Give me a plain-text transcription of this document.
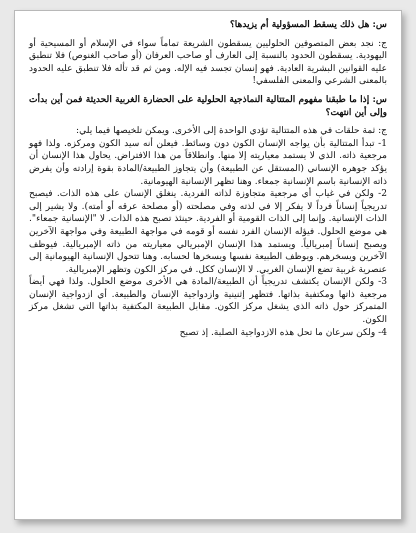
س: هل ذلك يسقط المسؤولية أم يزيدها؟

ج: نجد بعض المتصوفين الحلوليين يسقطون الشريعة تماماً سواء في الإسلام أو المسيحية أو اليهودية. يسقطون الحدود بالنسبة إلى العارف أو صاحب العرفان (أو صاحب الغنوص) فلا تنطبق عليه القوانين البشرية العادية. فهو إنسان تجسد فيه الإله. ومن ثم قد تأله فلا تنطبق عليه الحدود بالمعنى الشرعي والمعنى الفلسفي!

س: إذا ما طبقنا مفهوم المتتالية النماذجية الحلولية على الحضارة الغربية الحديثة فمن أين بدأت وإلى أين انتهت؟

ج: ثمة حلقات في هذه المتتالية تؤدي الواحدة إلى الأخرى. ويمكن تلخيصها فيما يلي:

1- تبدأ المتتالية بأن يواجه الإنسان الكون دون وسائط. فيعلن أنه سيد الكون ومركزه. ولذا فهو مرجعية ذاته. الذي لا يستمد معياريته إلا منها. وانطلاقاً من هذا الافتراض. يحاول هذا الإنسان أن يؤكد جوهره الإنساني (المستقل عن الطبيعة) وأن يتجاوز الطبيعة/المادة بقوة إرادته وأن يفرض ذاته الإنسانية باسم الإنسانية جمعاء. وهنا تظهر الإنسانية الهيومانية.

2- ولكن في غياب أي مرجعية متجاوزة لذاته الفردية. ينغلق الإنسان على هذه الذات. فيصبح تدريجياً إنساناً فرداً لا يفكر إلا في لذته وفي مصلحته (أو مصلحة عرقه أو أمته). ولا يشير إلى الذات الإنسانية. وإنما إلى الذات القومية أو الفردية. حينئذ تصبح هذه الذات. لا "الإنسانية جمعاء". هي موضع الحلول. فيؤله الإنسان الفرد نفسه أو قومه في مواجهة الطبيعة وفي مواجهة الآخرين ويصبح إنساناً إمبريالياً. ويستمد هذا الإنسان الإمبريالي معياريته من ذاته الإمبريالية. فيوظف الآخرين ويسخرهم. ويوظف الطبيعة نفسها ويسخرها لحسابه. وهنا تتحول الإنسانية الهيومانية إلى عنصرية غربية تضع الإنسان الغربي. لا الإنسان ككل. في مركز الكون وتظهر الإمبريالية.

3- ولكن الإنسان يكتشف تدريجياً أن الطبيعة/المادة هي الأخرى موضع الحلول. ولذا فهي أيضاً مرجعية ذاتها ومكتفية بذاتها. فتظهر إثنينية وازدواجية الإنسان والطبيعة. أي ازدواجية الإنسان المتمركز حول ذاته الذي يشغل مركز الكون. مقابل الطبيعة المكتفية بذاتها التي تشغل مركز الكون.

4- ولكن سرعان ما تحل هذه الازدواجية الصلبة. إذ تصبح
